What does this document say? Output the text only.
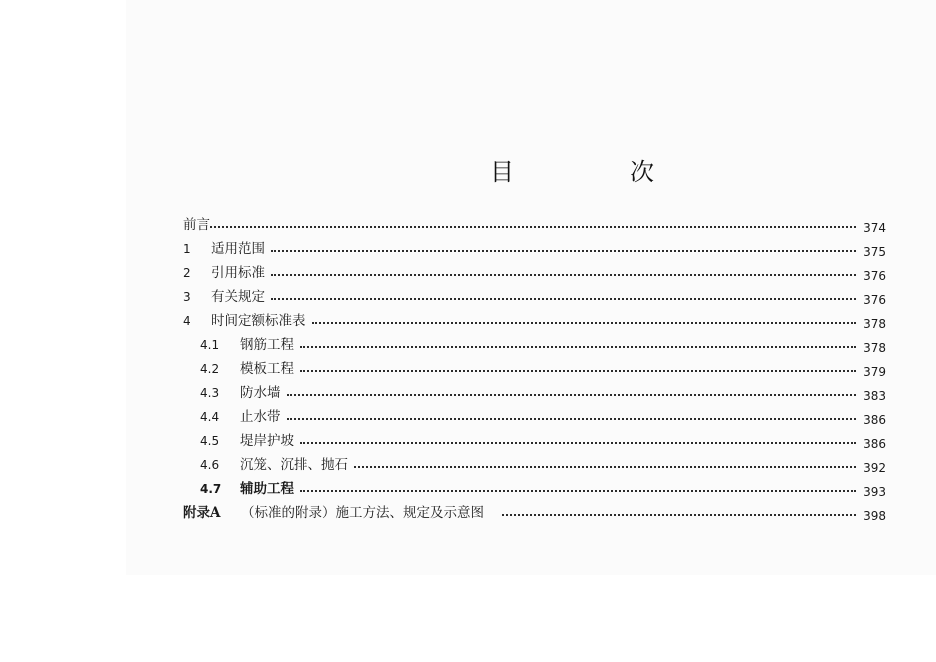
目　次
前言	374
1	适用范围	375
2	引用标准	376
3	有关规定	376
4	时间定额标准表	378
4.1	钢筋工程	378
4.2	模板工程	379
4.3	防水墙	383
4.4	止水带	386
4.5	堤岸护坡	386
4.6	沉笼、沉排、抛石	392
4.7	辅助工程	393
附录A	（标准的附录）施工方法、规定及示意图	398
